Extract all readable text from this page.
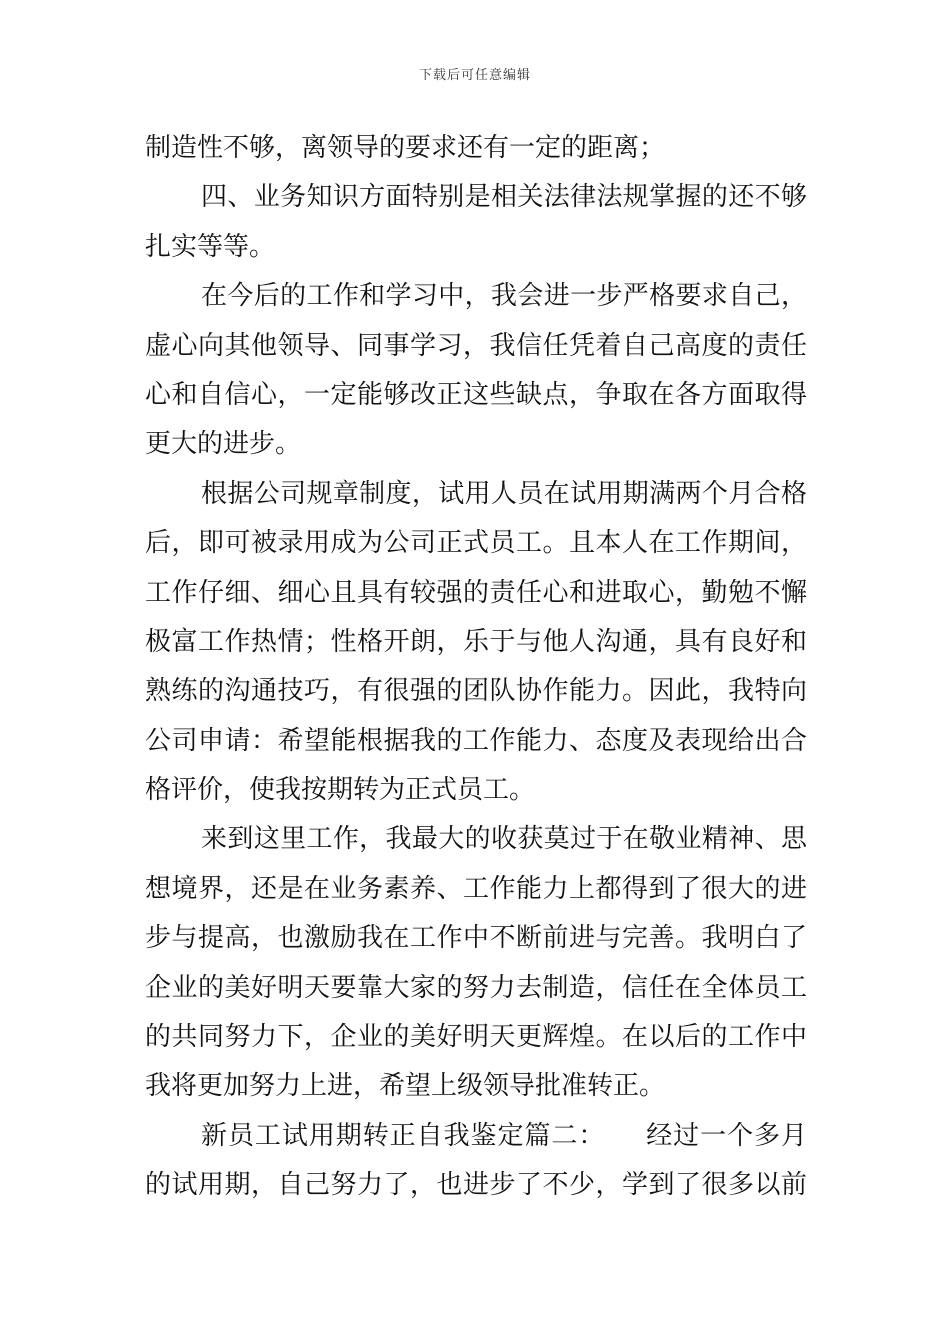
下载后可任意编辑
制造性不够，离领导的要求还有一定的距离；
四、业务知识方面特别是相关法律法规掌握的还不够
扎实等等。
在今后的工作和学习中，我会进一步严格要求自己，
虚心向其他领导、同事学习，我信任凭着自己高度的责任
心和自信心，一定能够改正这些缺点，争取在各方面取得
更大的进步。
根据公司规章制度，试用人员在试用期满两个月合格
后，即可被录用成为公司正式员工。且本人在工作期间，
工作仔细、细心且具有较强的责任心和进取心，勤勉不懈
极富工作热情；性格开朗，乐于与他人沟通，具有良好和
熟练的沟通技巧，有很强的团队协作能力。因此，我特向
公司申请：希望能根据我的工作能力、态度及表现给出合
格评价，使我按期转为正式员工。
来到这里工作，我最大的收获莫过于在敬业精神、思
想境界，还是在业务素养、工作能力上都得到了很大的进
步与提高，也激励我在工作中不断前进与完善。我明白了
企业的美好明天要靠大家的努力去制造，信任在全体员工
的共同努力下，企业的美好明天更辉煌。在以后的工作中
我将更加努力上进，希望上级领导批准转正。
新员工试用期转正自我鉴定篇二：　　经过一个多月
的试用期，自己努力了，也进步了不少，学到了很多以前
